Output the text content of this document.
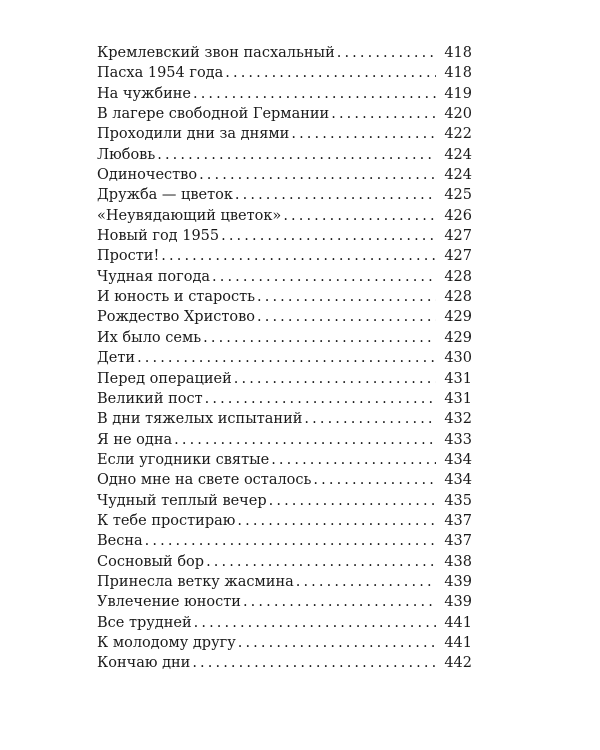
Кремлевский звон пасхальный . . .	418
Пасха 1954 года . . .	418
На чужбине . . .	419
В лагере свободной Германии . . .	420
Проходили дни за днями . . .	422
Любовь . . .	424
Одиночество . . .	424
Дружба — цветок . . .	425
«Неувядающий цветок» . . .	426
Новый год 1955 . . .	427
Прости! . . .	427
Чудная погода . . .	428
И юность и старость . . .	428
Рождество Христово . . .	429
Их было семь . . .	429
Дети . . .	430
Перед операцией . . .	431
Великий пост . . .	431
В дни тяжелых испытаний . . .	432
Я не одна . . .	433
Если угодники святые . . .	434
Одно мне на свете осталось . . .	434
Чудный теплый вечер . . .	435
К тебе простираю . . .	437
Весна . . .	437
Сосновый бор . . .	438
Принесла ветку жасмина . . .	439
Увлечение юности . . .	439
Все трудней . . .	441
К молодому другу . . .	441
Кончаю дни . . .	442
